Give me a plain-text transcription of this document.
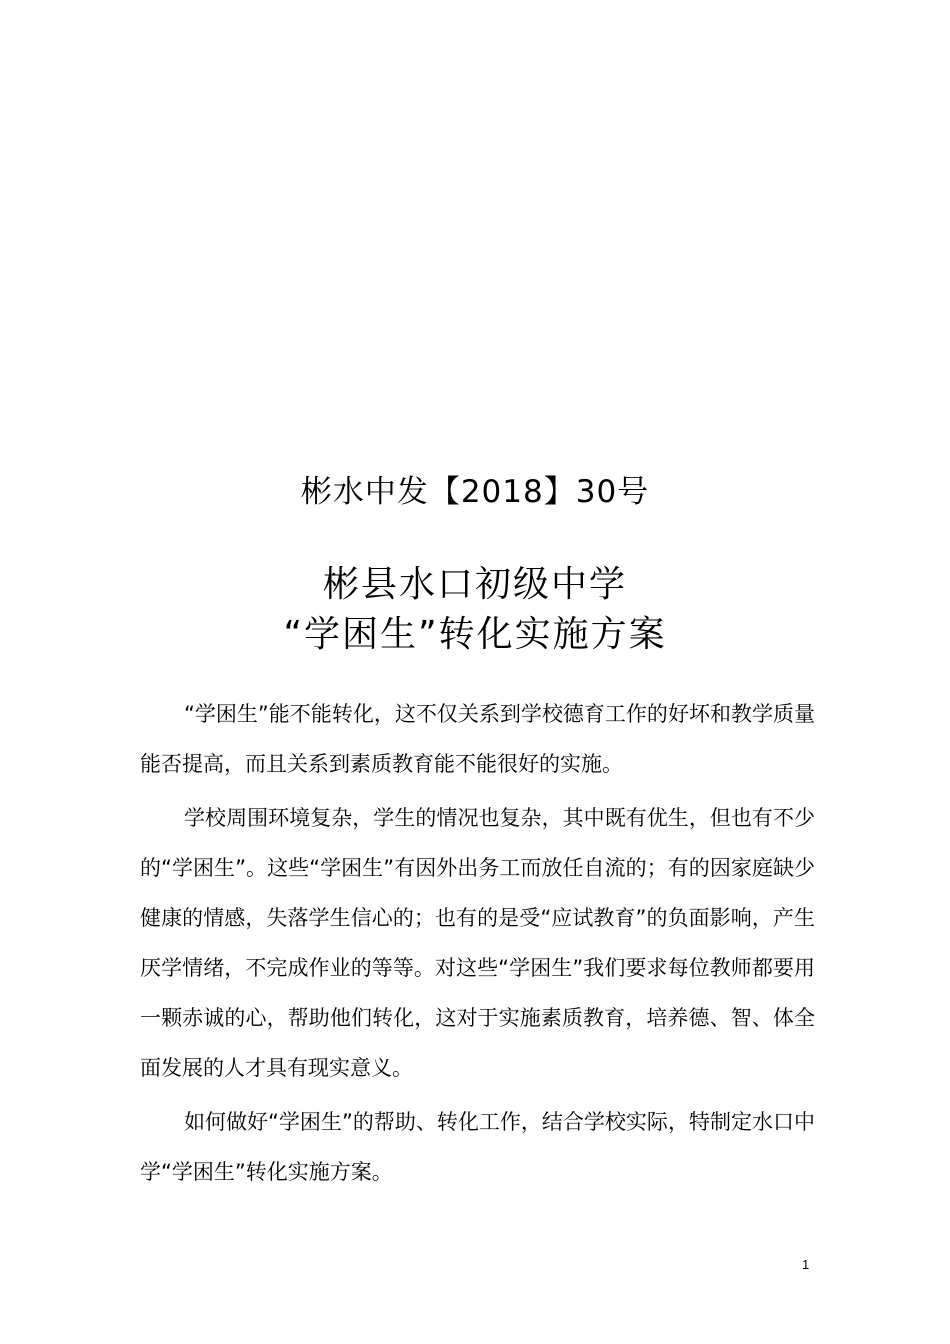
彬水中发【2018】30号
彬县水口初级中学
“学困生”转化实施方案

“学困生”能不能转化，这不仅关系到学校德育工作的好坏和教学质量能否提高，而且关系到素质教育能不能很好的实施。

学校周围环境复杂，学生的情况也复杂，其中既有优生，但也有不少的“学困生”。这些“学困生”有因外出务工而放任自流的；有的因家庭缺少健康的情感，失落学生信心的；也有的是受“应试教育”的负面影响，产生厌学情绪，不完成作业的等等。对这些“学困生”我们要求每位教师都要用一颗赤诚的心，帮助他们转化，这对于实施素质教育，培养德、智、体全面发展的人才具有现实意义。

如何做好“学困生”的帮助、转化工作，结合学校实际，特制定水口中学“学困生”转化实施方案。

1
